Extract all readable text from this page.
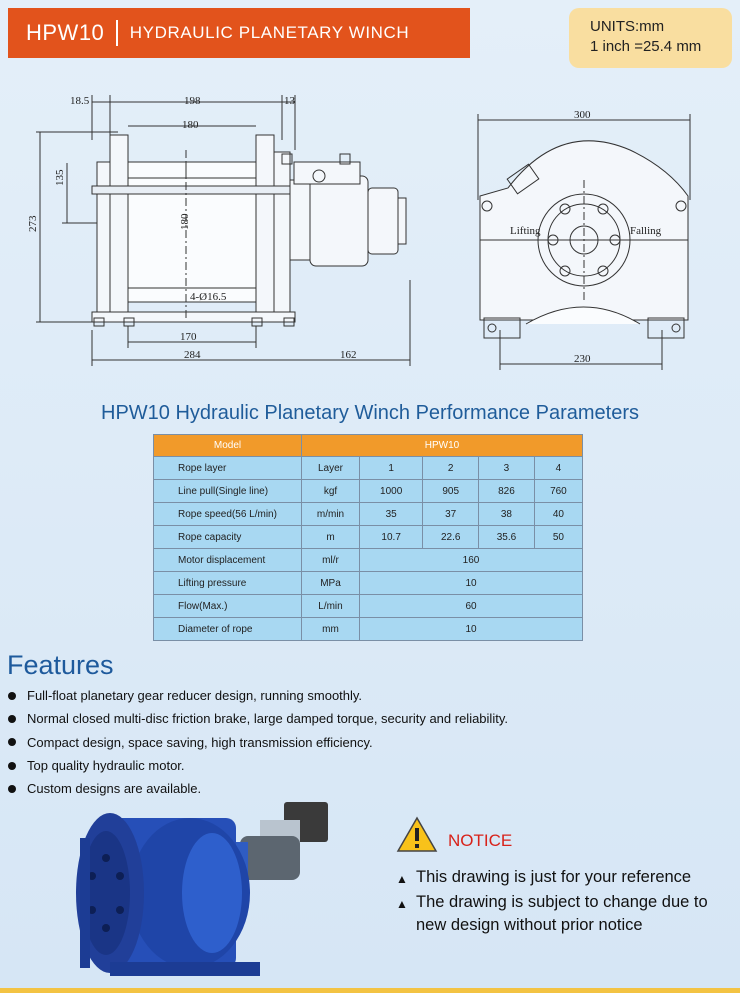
HPW10 HYDRAULIC PLANETARY WINCH	UNITS:mm
1 inch =25.4 mm
18.5	198	13
180
135
273	180
4-Ø16.5
170
284	162
300
230
Lifting	Falling
HPW10 Hydraulic Planetary Winch Performance Parameters
Model	HPW10				
Rope layer	Layer	1	2	3	4
Line pull(Single line)	kgf	1000	905	826	760
Rope speed(56 L/min)	m/min	35	37	38	40
Rope capacity	m	10.7	22.6	35.6	50
Motor displacement	ml/r	160			
Lifting pressure	MPa	10			
Flow(Max.)	L/min	60			
Diameter of rope	mm	10			
Features
Full-float planetary gear reducer design, running smoothly.
Normal closed multi-disc friction brake, large damped torque, security and reliability.
Compact design, space saving, high transmission efficiency.
Top quality hydraulic motor.
Custom designs are available.
NOTICE
▲ This drawing is just for your reference
▲ The drawing is subject to change due to
new design without prior notice
